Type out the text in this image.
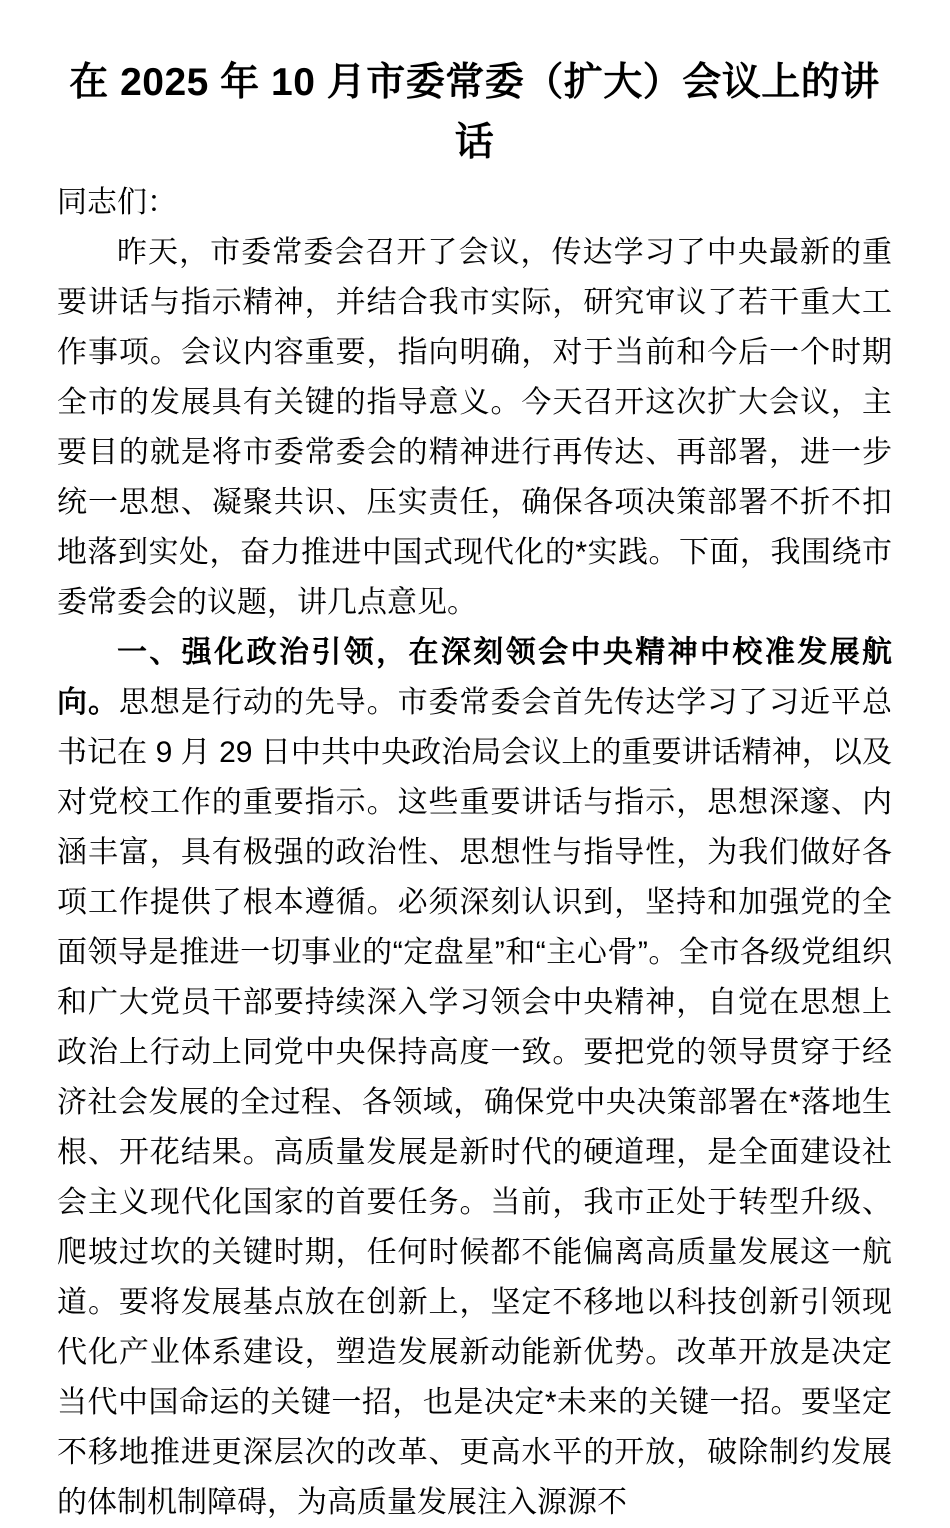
在 2025 年 10 月市委常委（扩大）会议上的讲话

同志们：

昨天，市委常委会召开了会议，传达学习了中央最新的重要讲话与指示精神，并结合我市实际，研究审议了若干重大工作事项。会议内容重要，指向明确，对于当前和今后一个时期全市的发展具有关键的指导意义。今天召开这次扩大会议，主要目的就是将市委常委会的精神进行再传达、再部署，进一步统一思想、凝聚共识、压实责任，确保各项决策部署不折不扣地落到实处，奋力推进中国式现代化的*实践。下面，我围绕市委常委会的议题，讲几点意见。

一、强化政治引领，在深刻领会中央精神中校准发展航向。思想是行动的先导。市委常委会首先传达学习了习近平总书记在 9 月 29 日中共中央政治局会议上的重要讲话精神，以及对党校工作的重要指示。这些重要讲话与指示，思想深邃、内涵丰富，具有极强的政治性、思想性与指导性，为我们做好各项工作提供了根本遵循。必须深刻认识到，坚持和加强党的全面领导是推进一切事业的“定盘星”和“主心骨”。全市各级党组织和广大党员干部要持续深入学习领会中央精神，自觉在思想上政治上行动上同党中央保持高度一致。要把党的领导贯穿于经济社会发展的全过程、各领域，确保党中央决策部署在*落地生根、开花结果。高质量发展是新时代的硬道理，是全面建设社会主义现代化国家的首要任务。当前，我市正处于转型升级、爬坡过坎的关键时期，任何时候都不能偏离高质量发展这一航道。要将发展基点放在创新上，坚定不移地以科技创新引领现代化产业体系建设，塑造发展新动能新优势。改革开放是决定当代中国命运的关键一招，也是决定*未来的关键一招。要坚定不移地推进更深层次的改革、更高水平的开放，破除制约发展的体制机制障碍，为高质量发展注入源源不
